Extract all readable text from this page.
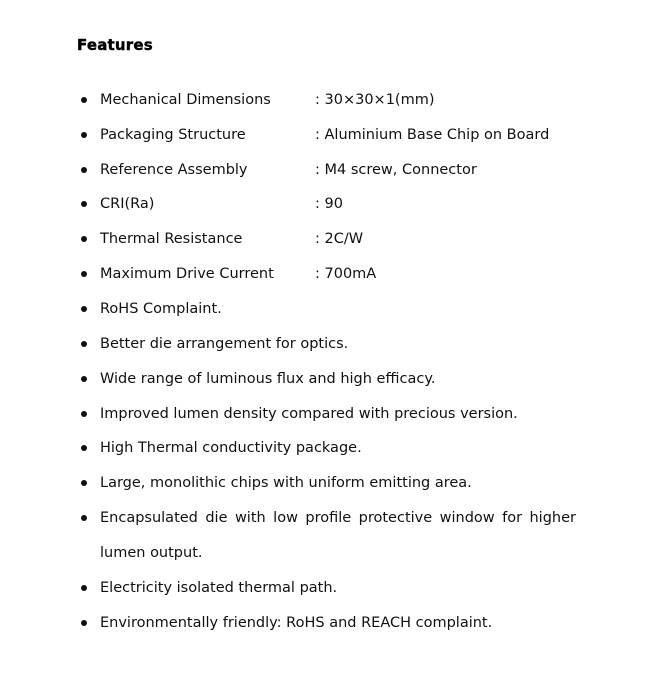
Features
Mechanical Dimensions	: 30×30×1(mm)
Packaging Structure	: Aluminium Base Chip on Board
Reference Assembly	: M4 screw, Connector
CRI(Ra)	: 90
Thermal Resistance	: 2C/W
Maximum Drive Current	: 700mA
RoHS Complaint.
Better die arrangement for optics.
Wide range of luminous flux and high efficacy.
Improved lumen density compared with precious version.
High Thermal conductivity package.
Large, monolithic chips with uniform emitting area.
Encapsulated die with low profile protective window for higher
lumen output.
Electricity isolated thermal path.
Environmentally friendly: RoHS and REACH complaint.
